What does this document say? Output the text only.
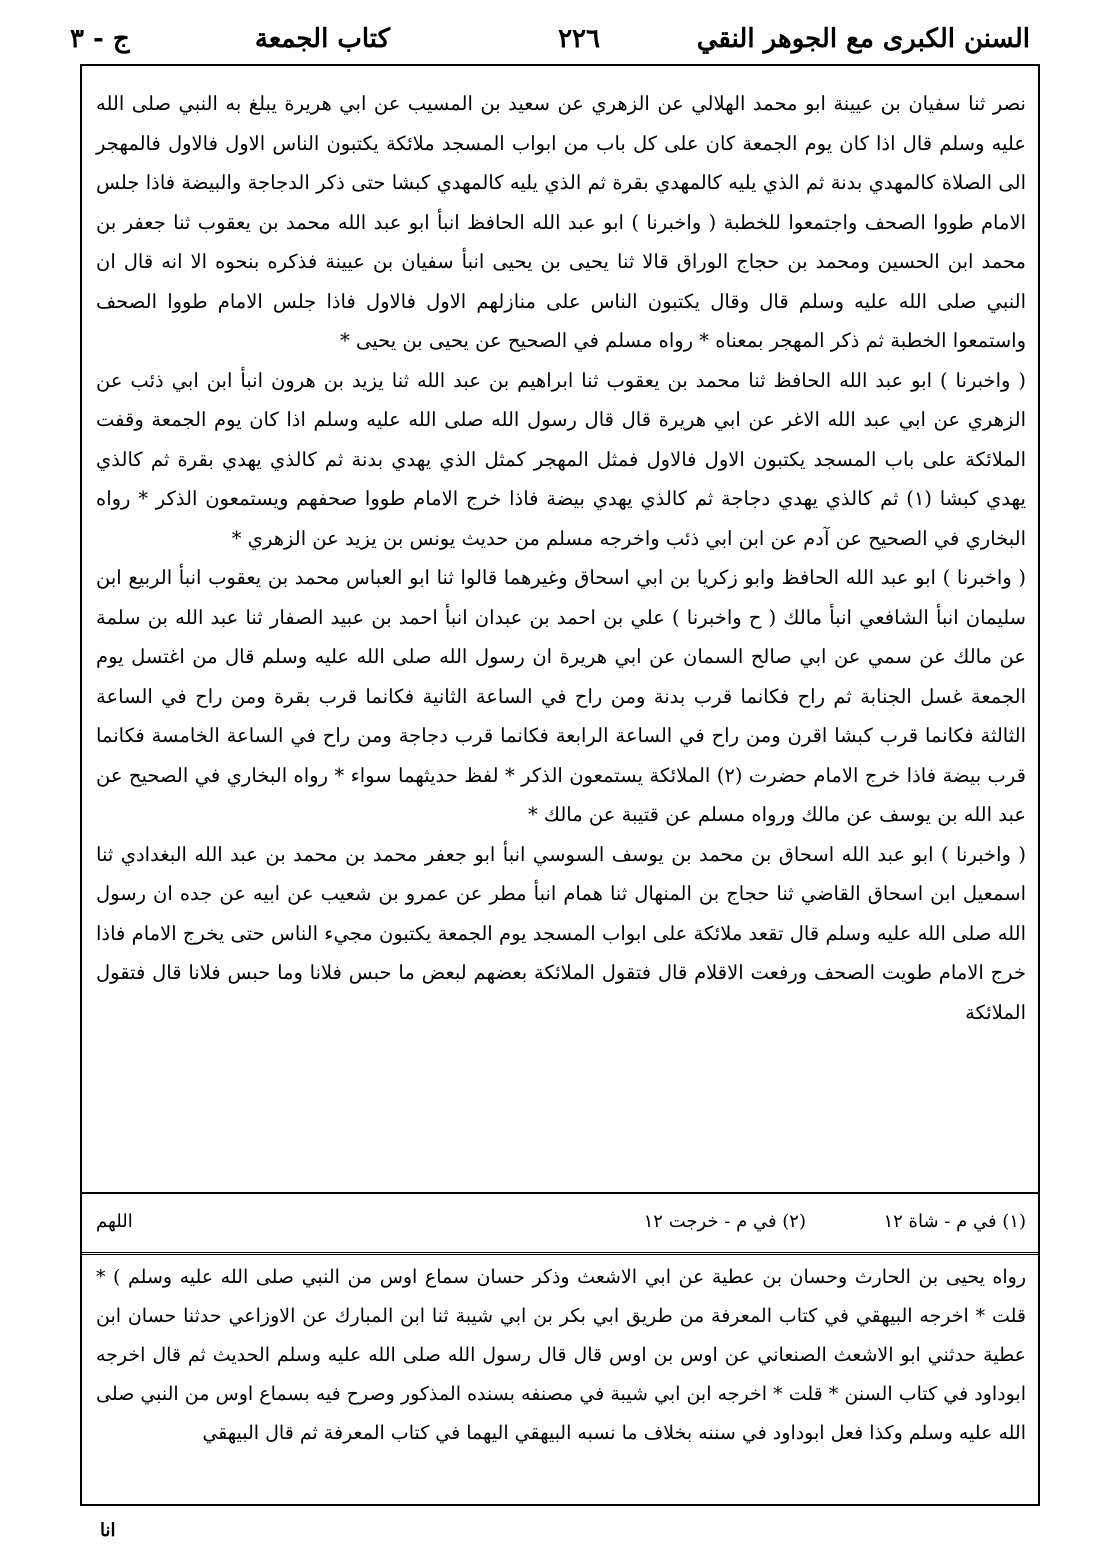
السنن الكبرى مع الجوهر النقي
٢٢٦
كتاب الجمعة
ج - ٣

نصر ثنا سفيان بن عيينة ابو محمد الهلالي عن الزهري عن سعيد بن المسيب عن ابي هريرة يبلغ به النبي صلى الله عليه وسلم قال اذا كان يوم الجمعة كان على كل باب من ابواب المسجد ملائكة يكتبون الناس الاول فالاول فالمهجر الى الصلاة كالمهدي بدنة ثم الذي يليه كالمهدي بقرة ثم الذي يليه كالمهدي كبشا حتى ذكر الدجاجة والبيضة فاذا جلس الامام طووا الصحف واجتمعوا للخطبة ( واخبرنا ) ابو عبد الله الحافظ انبأ ابو عبد الله محمد بن يعقوب ثنا جعفر بن محمد ابن الحسين ومحمد بن حجاج الوراق قالا ثنا يحيى بن يحيى انبأ سفيان بن عيينة فذكره بنحوه الا انه قال ان النبي صلى الله عليه وسلم قال وقال يكتبون الناس على منازلهم الاول فالاول فاذا جلس الامام طووا الصحف واستمعوا الخطبة ثم ذكر المهجر بمعناه * رواه مسلم في الصحيح عن يحيى بن يحيى *

( واخبرنا ) ابو عبد الله الحافظ ثنا محمد بن يعقوب ثنا ابراهيم بن عبد الله ثنا يزيد بن هرون انبأ ابن ابي ذئب عن الزهري عن ابي عبد الله الاغر عن ابي هريرة قال قال رسول الله صلى الله عليه وسلم اذا كان يوم الجمعة وقفت الملائكة على باب المسجد يكتبون الاول فالاول فمثل المهجر كمثل الذي يهدي بدنة ثم كالذي يهدي بقرة ثم كالذي يهدي كبشا (١) ثم كالذي يهدي دجاجة ثم كالذي يهدي بيضة فاذا خرج الامام طووا صحفهم ويستمعون الذكر * رواه البخاري في الصحيح عن آدم عن ابن ابي ذئب واخرجه مسلم من حديث يونس بن يزيد عن الزهري *

( واخبرنا ) ابو عبد الله الحافظ وابو زكريا بن ابي اسحاق وغيرهما قالوا ثنا ابو العباس محمد بن يعقوب انبأ الربيع ابن سليمان انبأ الشافعي انبأ مالك ( ح واخبرنا ) علي بن احمد بن عبدان انبأ احمد بن عبيد الصفار ثنا عبد الله بن سلمة عن مالك عن سمي عن ابي صالح السمان عن ابي هريرة ان رسول الله صلى الله عليه وسلم قال من اغتسل يوم الجمعة غسل الجنابة ثم راح فكانما قرب بدنة ومن راح في الساعة الثانية فكانما قرب بقرة ومن راح في الساعة الثالثة فكانما قرب كبشا اقرن ومن راح في الساعة الرابعة فكانما قرب دجاجة ومن راح في الساعة الخامسة فكانما قرب بيضة فاذا خرج الامام حضرت (٢) الملائكة يستمعون الذكر * لفظ حديثهما سواء * رواه البخاري في الصحيح عن عبد الله بن يوسف عن مالك ورواه مسلم عن قتيبة عن مالك *

( واخبرنا ) ابو عبد الله اسحاق بن محمد بن يوسف السوسي انبأ ابو جعفر محمد بن محمد بن عبد الله البغدادي ثنا اسمعيل ابن اسحاق القاضي ثنا حجاج بن المنهال ثنا همام انبأ مطر عن عمرو بن شعيب عن ابيه عن جده ان رسول الله صلى الله عليه وسلم قال تقعد ملائكة على ابواب المسجد يوم الجمعة يكتبون مجيء الناس حتى يخرج الامام فاذا خرج الامام طويت الصحف ورفعت الاقلام قال فتقول الملائكة بعضهم لبعض ما حبس فلانا وما حبس فلانا قال فتقول الملائكة

(١) في م - شاة ١٢
(٢) في م - خرجت ١٢
اللهم

رواه يحيى بن الحارث وحسان بن عطية عن ابي الاشعث وذكر حسان سماع اوس من النبي صلى الله عليه وسلم ) * قلت * اخرجه البيهقي في كتاب المعرفة من طريق ابي بكر بن ابي شيبة ثنا ابن المبارك عن الاوزاعي حدثنا حسان ابن عطية حدثني ابو الاشعث الصنعاني عن اوس بن اوس قال قال رسول الله صلى الله عليه وسلم الحديث ثم قال اخرجه ابوداود في كتاب السنن * قلت * اخرجه ابن ابي شيبة في مصنفه بسنده المذكور وصرح فيه بسماع اوس من النبي صلى الله عليه وسلم وكذا فعل ابوداود في سننه بخلاف ما نسبه البيهقي اليهما في كتاب المعرفة ثم قال البيهقي

انا
